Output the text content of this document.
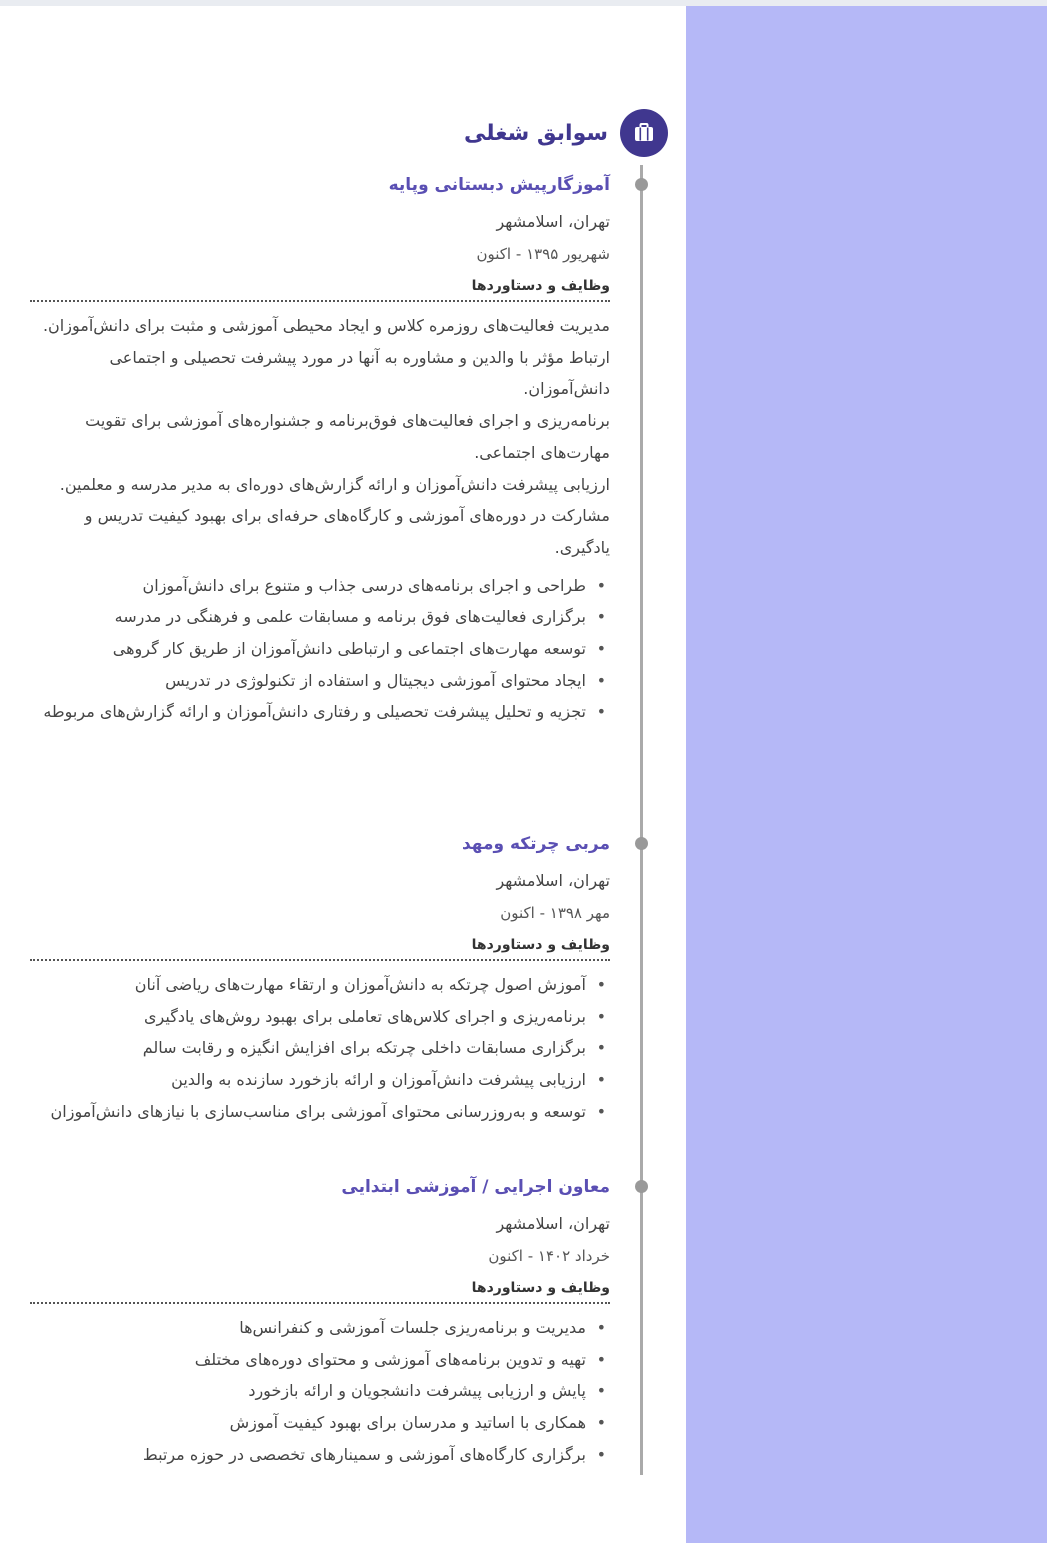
سوابق شغلی
آموزگارپیش دبستانی وپایه
تهران، اسلامشهر
شهریور ۱۳۹۵ - اکنون
وظایف و دستاوردها

مدیریت فعالیت‌های روزمره کلاس و ایجاد محیطی آموزشی و مثبت برای دانش‌آموزان.

ارتباط مؤثر با والدین و مشاوره به آنها در مورد پیشرفت تحصیلی و اجتماعی دانش‌آموزان.

برنامه‌ریزی و اجرای فعالیت‌های فوق‌برنامه و جشنواره‌های آموزشی برای تقویت مهارت‌های اجتماعی.

ارزیابی پیشرفت دانش‌آموزان و ارائه گزارش‌های دوره‌ای به مدیر مدرسه و معلمین.

مشارکت در دوره‌های آموزشی و کارگاه‌های حرفه‌ای برای بهبود کیفیت تدریس و یادگیری.

• طراحی و اجرای برنامه‌های درسی جذاب و متنوع برای دانش‌آموزان
• برگزاری فعالیت‌های فوق برنامه و مسابقات علمی و فرهنگی در مدرسه
• توسعه مهارت‌های اجتماعی و ارتباطی دانش‌آموزان از طریق کار گروهی
• ایجاد محتوای آموزشی دیجیتال و استفاده از تکنولوژی در تدریس
• تجزیه و تحلیل پیشرفت تحصیلی و رفتاری دانش‌آموزان و ارائه گزارش‌های مربوطه
مربی چرتکه ومهد
تهران، اسلامشهر
مهر ۱۳۹۸ - اکنون
وظایف و دستاوردها
• آموزش اصول چرتکه به دانش‌آموزان و ارتقاء مهارت‌های ریاضی آنان
• برنامه‌ریزی و اجرای کلاس‌های تعاملی برای بهبود روش‌های یادگیری
• برگزاری مسابقات داخلی چرتکه برای افزایش انگیزه و رقابت سالم
• ارزیابی پیشرفت دانش‌آموزان و ارائه بازخورد سازنده به والدین
• توسعه و به‌روزرسانی محتوای آموزشی برای مناسب‌سازی با نیازهای دانش‌آموزان
معاون اجرایی / آموزشی ابتدایی
تهران، اسلامشهر
خرداد ۱۴۰۲ - اکنون
وظایف و دستاوردها
• مدیریت و برنامه‌ریزی جلسات آموزشی و کنفرانس‌ها
• تهیه و تدوین برنامه‌های آموزشی و محتوای دوره‌های مختلف
• پایش و ارزیابی پیشرفت دانشجویان و ارائه بازخورد
• همکاری با اساتید و مدرسان برای بهبود کیفیت آموزش
• برگزاری کارگاه‌های آموزشی و سمینارهای تخصصی در حوزه مرتبط
